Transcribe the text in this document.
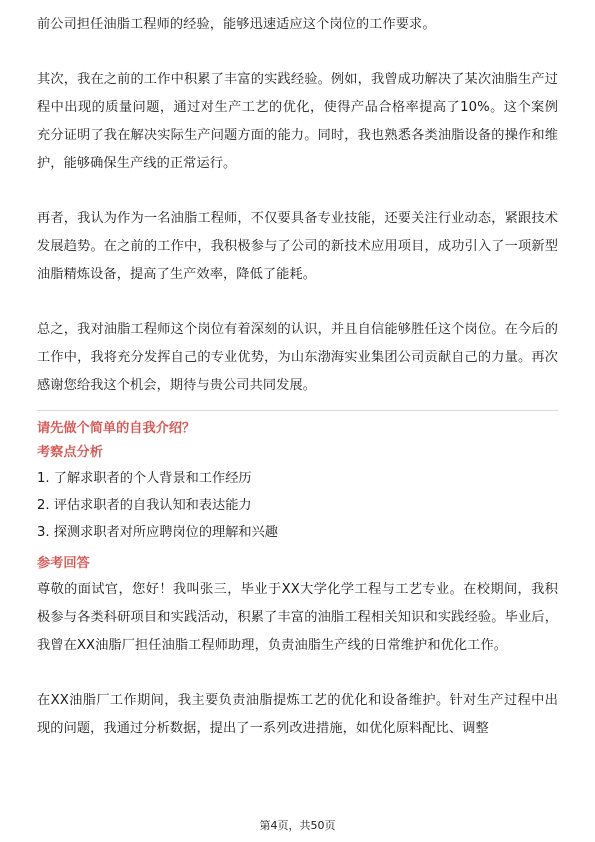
前公司担任油脂工程师的经验，能够迅速适应这个岗位的工作要求。

其次，我在之前的工作中积累了丰富的实践经验。例如，我曾成功解决了某次油脂生产过程中出现的质量问题，通过对生产工艺的优化，使得产品合格率提高了10%。这个案例充分证明了我在解决实际生产问题方面的能力。同时，我也熟悉各类油脂设备的操作和维护，能够确保生产线的正常运行。

再者，我认为作为一名油脂工程师，不仅要具备专业技能，还要关注行业动态，紧跟技术发展趋势。在之前的工作中，我积极参与了公司的新技术应用项目，成功引入了一项新型油脂精炼设备，提高了生产效率，降低了能耗。

总之，我对油脂工程师这个岗位有着深刻的认识，并且自信能够胜任这个岗位。在今后的工作中，我将充分发挥自己的专业优势，为山东渤海实业集团公司贡献自己的力量。再次感谢您给我这个机会，期待与贵公司共同发展。

请先做个简单的自我介绍？

考察点分析

1. 了解求职者的个人背景和工作经历
2. 评估求职者的自我认知和表达能力
3. 探测求职者对所应聘岗位的理解和兴趣

参考回答

尊敬的面试官，您好！我叫张三，毕业于XX大学化学工程与工艺专业。在校期间，我积极参与各类科研项目和实践活动，积累了丰富的油脂工程相关知识和实践经验。毕业后，我曾在XX油脂厂担任油脂工程师助理，负责油脂生产线的日常维护和优化工作。

在XX油脂厂工作期间，我主要负责油脂提炼工艺的优化和设备维护。针对生产过程中出现的问题，我通过分析数据，提出了一系列改进措施，如优化原料配比、调整

第4页，共50页
